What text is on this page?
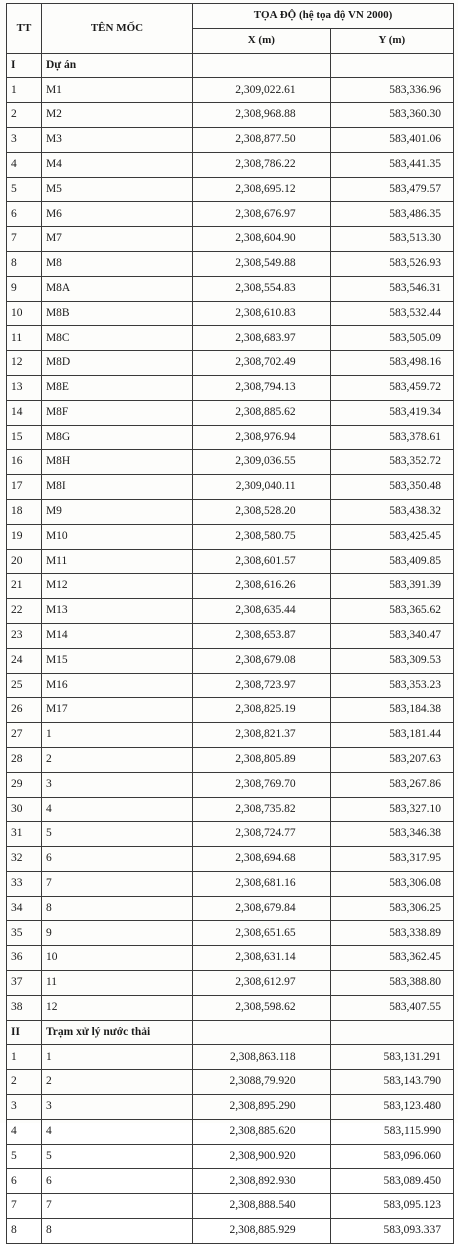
TT	TÊN MỐC	TỌA ĐỘ (hệ tọa độ VN 2000)	
		X (m)	Y (m)
I	Dự án		
1	M1	2,309,022.61	583,336.96
2	M2	2,308,968.88	583,360.30
3	M3	2,308,877.50	583,401.06
4	M4	2,308,786.22	583,441.35
5	M5	2,308,695.12	583,479.57
6	M6	2,308,676.97	583,486.35
7	M7	2,308,604.90	583,513.30
8	M8	2,308,549.88	583,526.93
9	M8A	2,308,554.83	583,546.31
10	M8B	2,308,610.83	583,532.44
11	M8C	2,308,683.97	583,505.09
12	M8D	2,308,702.49	583,498.16
13	M8E	2,308,794.13	583,459.72
14	M8F	2,308,885.62	583,419.34
15	M8G	2,308,976.94	583,378.61
16	M8H	2,309,036.55	583,352.72
17	M8I	2,309,040.11	583,350.48
18	M9	2,308,528.20	583,438.32
19	M10	2,308,580.75	583,425.45
20	M11	2,308,601.57	583,409.85
21	M12	2,308,616.26	583,391.39
22	M13	2,308,635.44	583,365.62
23	M14	2,308,653.87	583,340.47
24	M15	2,308,679.08	583,309.53
25	M16	2,308,723.97	583,353.23
26	M17	2,308,825.19	583,184.38
27	1	2,308,821.37	583,181.44
28	2	2,308,805.89	583,207.63
29	3	2,308,769.70	583,267.86
30	4	2,308,735.82	583,327.10
31	5	2,308,724.77	583,346.38
32	6	2,308,694.68	583,317.95
33	7	2,308,681.16	583,306.08
34	8	2,308,679.84	583,306.25
35	9	2,308,651.65	583,338.89
36	10	2,308,631.14	583,362.45
37	11	2,308,612.97	583,388.80
38	12	2,308,598.62	583,407.55
II	Trạm xử lý nước thải		
1	1	2,308,863.118	583,131.291
2	2	2,3088,79.920	583,143.790
3	3	2,308,895.290	583,123.480
4	4	2,308,885.620	583,115.990
5	5	2,308,900.920	583,096.060
6	6	2,308,892.930	583,089.450
7	7	2,308,888.540	583,095.123
8	8	2,308,885.929	583,093.337
